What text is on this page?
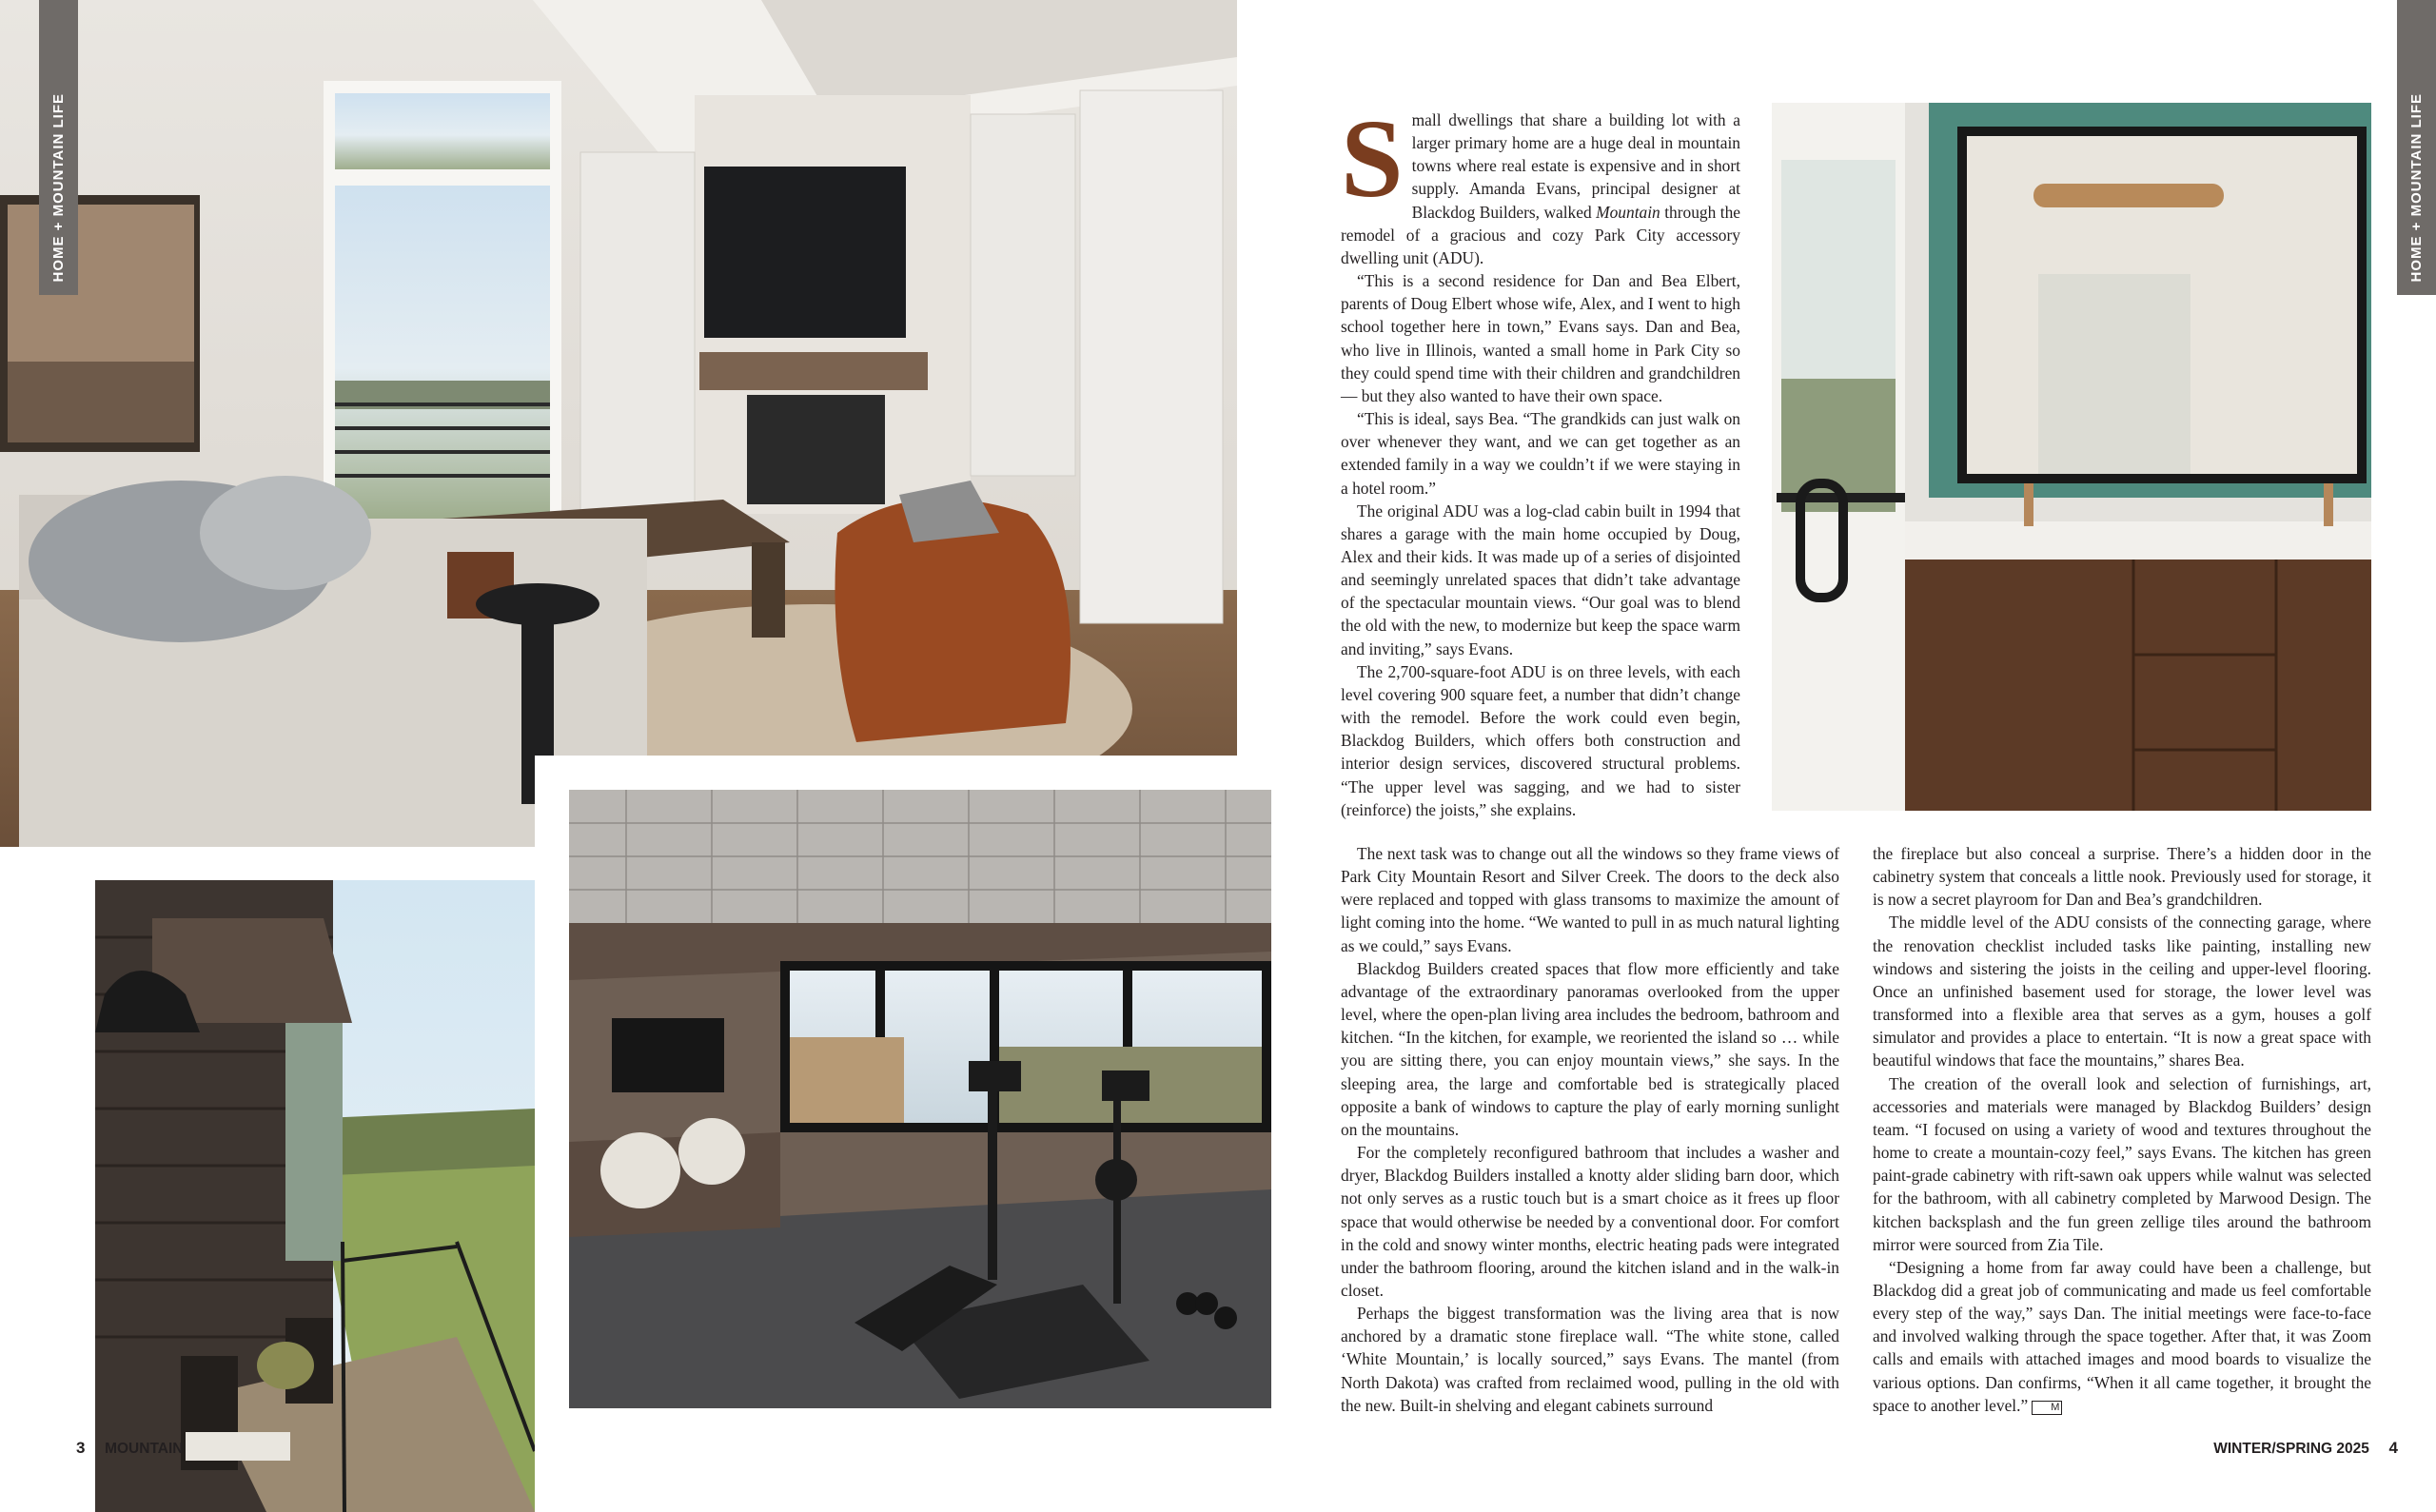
HOME + MOUNTAIN LIFE
3 MOUNTAIN
HOME + MOUNTAIN LIFE

Small dwellings that share a building lot with a larger primary home are a huge deal in mountain towns where real estate is expensive and in short supply. Amanda Evans, principal designer at Blackdog Builders, walked Mountain through the remodel of a gracious and cozy Park City accessory dwelling unit (ADU).

“This is a second residence for Dan and Bea Elbert, parents of Doug Elbert whose wife, Alex, and I went to high school together here in town,” Evans says. Dan and Bea, who live in Illinois, wanted a small home in Park City so they could spend time with their children and grandchildren — but they also wanted to have their own space.

“This is ideal, says Bea. “The grandkids can just walk on over whenever they want, and we can get together as an extended family in a way we couldn’t if we were staying in a hotel room.”

The original ADU was a log-clad cabin built in 1994 that shares a garage with the main home occupied by Doug, Alex and their kids. It was made up of a series of disjointed and seemingly unrelated spaces that didn’t take advantage of the spectacular mountain views. “Our goal was to blend the old with the new, to modernize but keep the space warm and inviting,” says Evans.

The 2,700-square-foot ADU is on three levels, with each level covering 900 square feet, a number that didn’t change with the remodel. Before the work could even begin, Blackdog Builders, which offers both construction and interior design services, discovered structural problems. “The upper level was sagging, and we had to sister (reinforce) the joists,” she explains.

The next task was to change out all the windows so they frame views of Park City Mountain Resort and Silver Creek. The doors to the deck also were replaced and topped with glass transoms to maximize the amount of light coming into the home. “We wanted to pull in as much natural lighting as we could,” says Evans.

Blackdog Builders created spaces that flow more efficiently and take advantage of the extraordinary panoramas overlooked from the upper level, where the open-plan living area includes the bedroom, bathroom and kitchen. “In the kitchen, for example, we reoriented the island so … while you are sitting there, you can enjoy mountain views,” she says. In the sleeping area, the large and comfortable bed is strategically placed opposite a bank of windows to capture the play of early morning sunlight on the mountains.

For the completely reconfigured bathroom that includes a washer and dryer, Blackdog Builders installed a knotty alder sliding barn door, which not only serves as a rustic touch but is a smart choice as it frees up floor space that would otherwise be needed by a conventional door. For comfort in the cold and snowy winter months, electric heating pads were integrated under the bathroom flooring, around the kitchen island and in the walk-in closet.

Perhaps the biggest transformation was the living area that is now anchored by a dramatic stone fireplace wall. “The white stone, called ‘White Mountain,’ is locally sourced,” says Evans. The mantel (from North Dakota) was crafted from reclaimed wood, pulling in the old with the new. Built-in shelving and elegant cabinets surround

the fireplace but also conceal a surprise. There’s a hidden door in the cabinetry system that conceals a little nook. Previously used for storage, it is now a secret playroom for Dan and Bea’s grandchildren.

The middle level of the ADU consists of the connecting garage, where the renovation checklist included tasks like painting, installing new windows and sistering the joists in the ceiling and upper-level flooring. Once an unfinished basement used for storage, the lower level was transformed into a flexible area that serves as a gym, houses a golf simulator and provides a place to entertain. “It is now a great space with beautiful windows that face the mountains,” shares Bea.

The creation of the overall look and selection of furnishings, art, accessories and materials were managed by Blackdog Builders’ design team. “I focused on using a variety of wood and textures throughout the home to create a mountain-cozy feel,” says Evans. The kitchen has green paint-grade cabinetry with rift-sawn oak uppers while walnut was selected for the bathroom, with all cabinetry completed by Marwood Design. The kitchen backsplash and the fun green zellige tiles around the bathroom mirror were sourced from Zia Tile.

“Designing a home from far away could have been a challenge, but Blackdog did a great job of communicating and made us feel comfortable every step of the way,” says Dan. The initial meetings were face-to-face and involved walking through the space together. After that, it was Zoom calls and emails with attached images and mood boards to visualize the various options. Dan confirms, “When it all came together, it brought the space to another level.” M

WINTER/SPRING 2025 4
